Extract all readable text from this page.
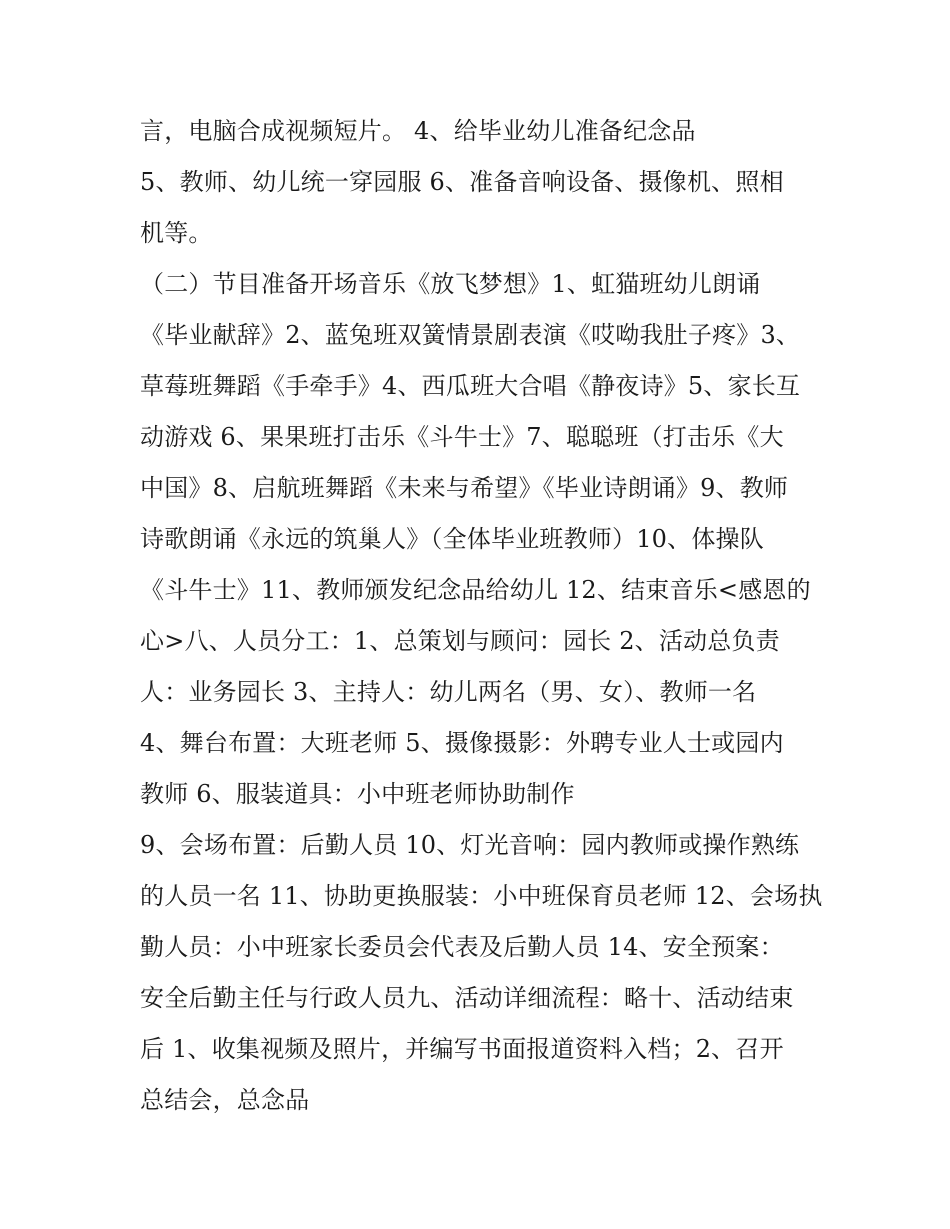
言，电脑合成视频短片。 4、给毕业幼儿准备纪念品
5、教师、幼儿统一穿园服 6、准备音响设备、摄像机、照相
机等。
（二）节目准备开场音乐《放飞梦想》1、虹猫班幼儿朗诵
《毕业献辞》2、蓝兔班双簧情景剧表演《哎呦我肚子疼》3、
草莓班舞蹈《手牵手》4、西瓜班大合唱《静夜诗》5、家长互
动游戏 6、果果班打击乐《斗牛士》7、聪聪班（打击乐《大
中国》8、启航班舞蹈《未来与希望》《毕业诗朗诵》9、教师
诗歌朗诵《永远的筑巢人》（全体毕业班教师）10、体操队
《斗牛士》11、教师颁发纪念品给幼儿 12、结束音乐<感恩的
心>八、人员分工：1、总策划与顾问：园长 2、活动总负责
人：业务园长 3、主持人：幼儿两名（男、女）、教师一名
4、舞台布置：大班老师 5、摄像摄影：外聘专业人士或园内
教师 6、服装道具：小中班老师协助制作
9、会场布置：后勤人员 10、灯光音响：园内教师或操作熟练
的人员一名 11、协助更换服装：小中班保育员老师 12、会场执
勤人员：小中班家长委员会代表及后勤人员 14、安全预案：
安全后勤主任与行政人员九、活动详细流程：略十、活动结束
后 1、收集视频及照片，并编写书面报道资料入档；2、召开
总结会，总念品
